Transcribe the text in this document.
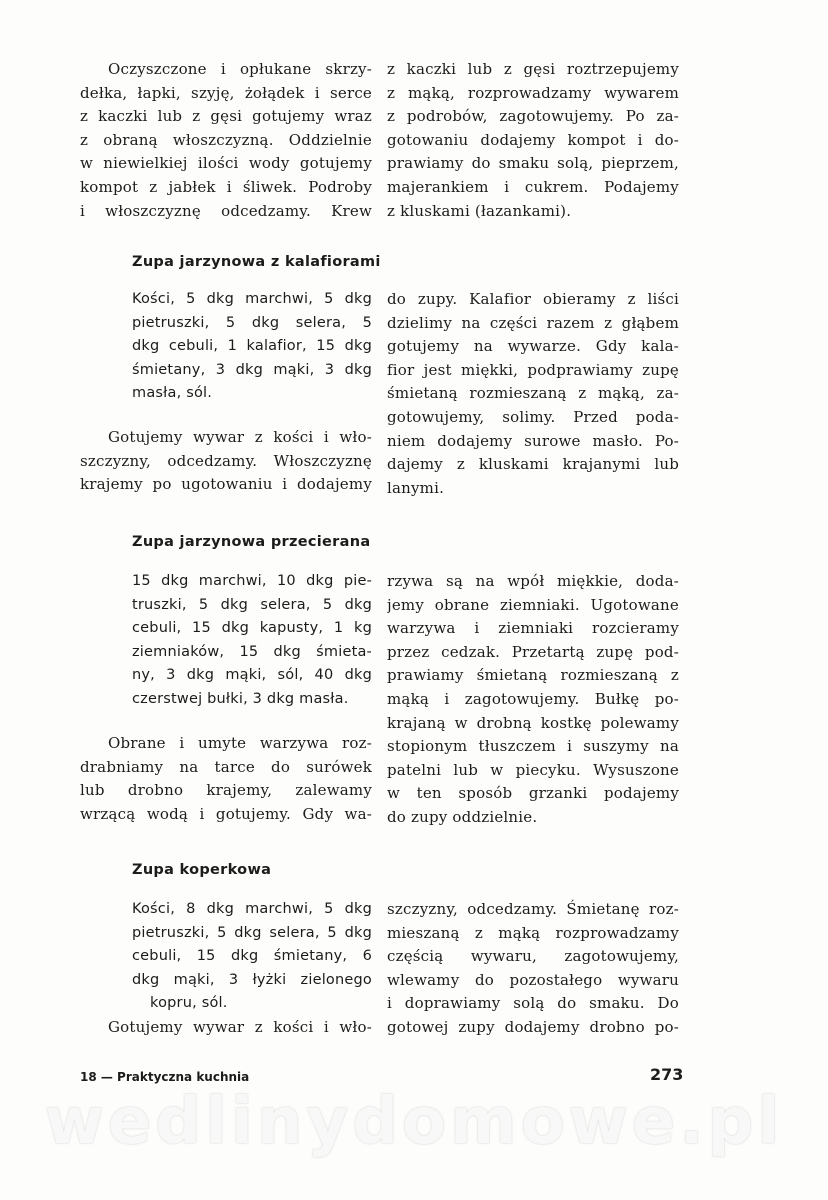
Oczyszczone i opłukane skrzy-
dełka, łapki, szyję, żołądek i serce
z kaczki lub z gęsi gotujemy wraz
z obraną włoszczyzną. Oddzielnie
w niewielkiej ilości wody gotujemy
kompot z jabłek i śliwek. Podroby
i włoszczyznę odcedzamy. Krew
z kaczki lub z gęsi roztrzepujemy
z mąką, rozprowadzamy wywarem
z podrobów, zagotowujemy. Po za-
gotowaniu dodajemy kompot i do-
prawiamy do smaku solą, pieprzem,
majerankiem i cukrem. Podajemy
z kluskami (łazankami).
Zupa jarzynowa z kalafiorami
Kości, 5 dkg marchwi, 5 dkg
pietruszki, 5 dkg selera, 5
dkg cebuli, 1 kalafior, 15 dkg
śmietany, 3 dkg mąki, 3 dkg
masła, sól.
Gotujemy wywar z kości i wło-
szczyzny, odcedzamy. Włoszczyznę
krajemy po ugotowaniu i dodajemy
do zupy. Kalafior obieramy z liści
dzielimy na części razem z głąbem
gotujemy na wywarze. Gdy kala-
fior jest miękki, podprawiamy zupę
śmietaną rozmieszaną z mąką, za-
gotowujemy, solimy. Przed poda-
niem dodajemy surowe masło. Po-
dajemy z kluskami krajanymi lub
lanymi.
Zupa jarzynowa przecierana
15 dkg marchwi, 10 dkg pie-
truszki, 5 dkg selera, 5 dkg
cebuli, 15 dkg kapusty, 1 kg
ziemniaków, 15 dkg śmieta-
ny, 3 dkg mąki, sól, 40 dkg
czerstwej bułki, 3 dkg masła.
Obrane i umyte warzywa roz-
drabniamy na tarce do surówek
lub drobno krajemy, zalewamy
wrzącą wodą i gotujemy. Gdy wa-
rzywa są na wpół miękkie, doda-
jemy obrane ziemniaki. Ugotowane
warzywa i ziemniaki rozcieramy
przez cedzak. Przetartą zupę pod-
prawiamy śmietaną rozmieszaną z
mąką i zagotowujemy. Bułkę po-
krajaną w drobną kostkę polewamy
stopionym tłuszczem i suszymy na
patelni lub w piecyku. Wysuszone
w ten sposób grzanki podajemy
do zupy oddzielnie.
Zupa koperkowa
Kości, 8 dkg marchwi, 5 dkg
pietruszki, 5 dkg selera, 5 dkg
cebuli, 15 dkg śmietany, 6
dkg mąki, 3 łyżki zielonego
kopru, sól.
Gotujemy wywar z kości i wło-
szczyzny, odcedzamy. Śmietanę roz-
mieszaną z mąką rozprowadzamy
częścią wywaru, zagotowujemy,
wlewamy do pozostałego wywaru
i doprawiamy solą do smaku. Do
gotowej zupy dodajemy drobno po-
18 — Praktyczna kuchnia	273
wedlinydomowe.pl
